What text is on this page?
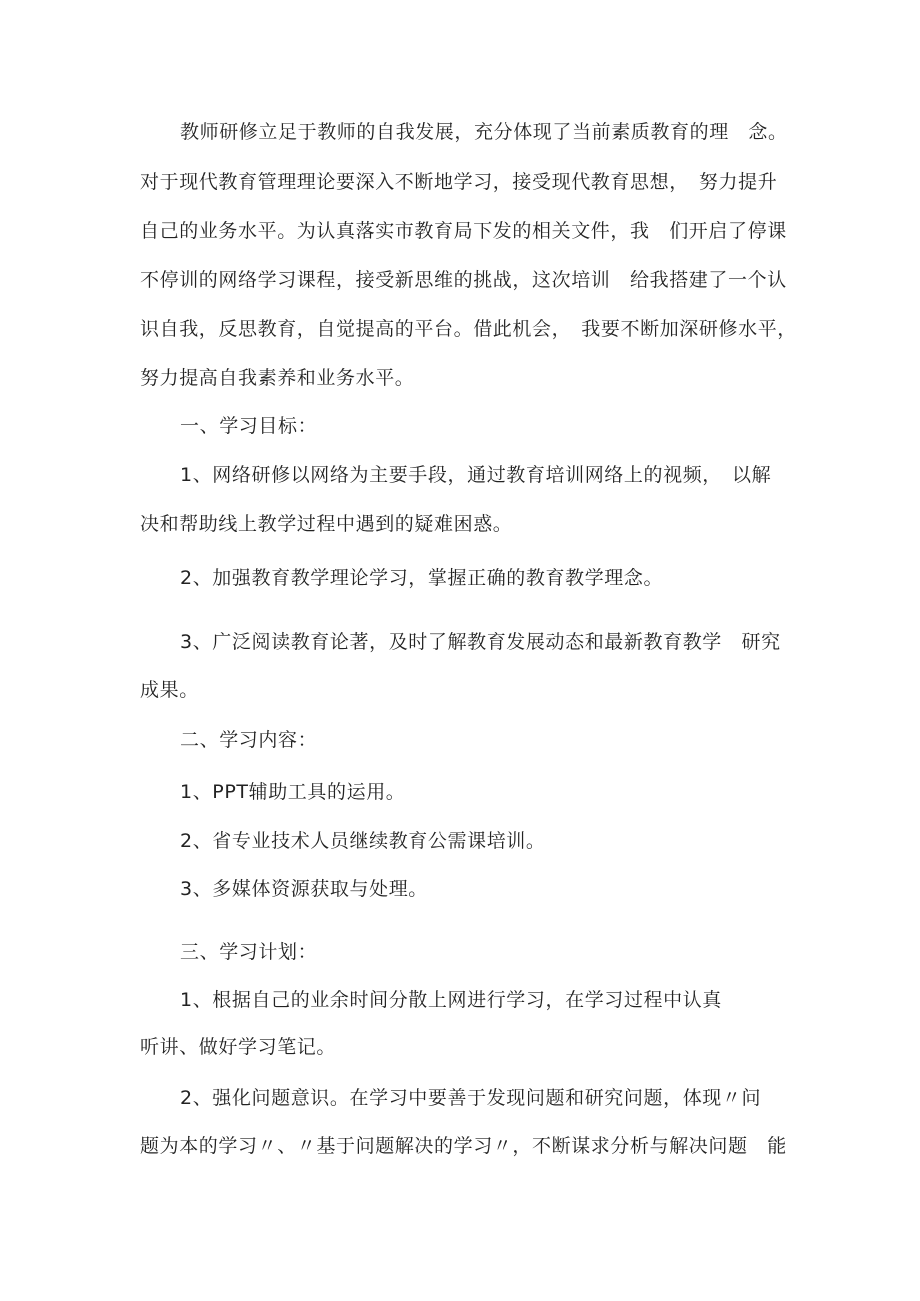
教师研修立足于教师的自我发展，充分体现了当前素质教育的理　念。
对于现代教育管理理论要深入不断地学习，接受现代教育思想，　努力提升
自己的业务水平。为认真落实市教育局下发的相关文件，我　们开启了停课
不停训的网络学习课程，接受新思维的挑战，这次培训　给我搭建了一个认
识自我，反思教育，自觉提高的平台。借此机会，　我要不断加深研修水平，
努力提高自我素养和业务水平。
一、学习目标：
1、网络研修以网络为主要手段，通过教育培训网络上的视频，　以解
决和帮助线上教学过程中遇到的疑难困惑。
2、加强教育教学理论学习，掌握正确的教育教学理念。
3、广泛阅读教育论著，及时了解教育发展动态和最新教育教学　研究
成果。
二、学习内容：
1、PPT辅助工具的运用。
2、省专业技术人员继续教育公需课培训。
3、多媒体资源获取与处理。
三、学习计划：
1、根据自己的业余时间分散上网进行学习，在学习过程中认真
听讲、做好学习笔记。
2、强化问题意识。在学习中要善于发现问题和研究问题，体现〃问
题为本的学习〃、〃基于问题解决的学习〃，不断谋求分析与解决问题　能
